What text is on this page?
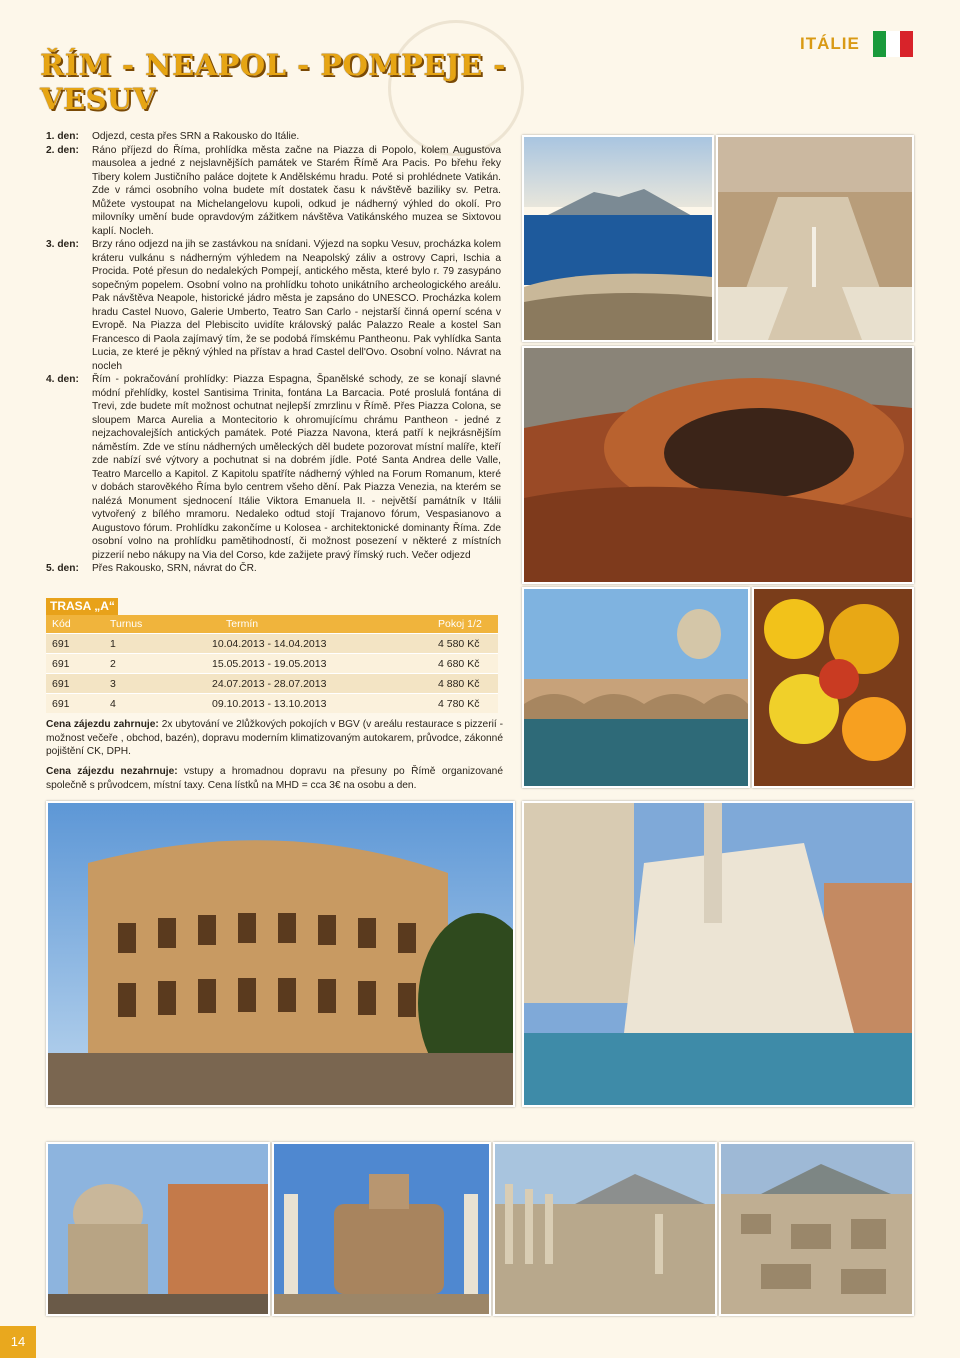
ŘÍM - NEAPOL - POMPEJE - VESUV
ITÁLIE
1. den:	Odjezd, cesta přes SRN a Rakousko do Itálie.
2. den:	Ráno příjezd do Říma, prohlídka města začne na Piazza di Popolo, kolem Augustova mausolea a jedné z nejslavnějších památek ve Starém Římě Ara Pacis. Po břehu řeky Tibery kolem Justičního paláce dojtete k Andělskému hradu. Poté si prohlédnete Vatikán. Zde v rámci osobního volna budete mít dostatek času k návštěvě baziliky sv. Petra. Můžete vystoupat na Michelangelovu kupoli, odkud je nádherný výhled do okolí. Pro milovníky umění bude opravdovým zážitkem návštěva Vatikánského muzea se Sixtovou kaplí. Nocleh.
3. den:	Brzy ráno odjezd na jih se zastávkou na snídani. Výjezd na sopku Vesuv, procházka kolem kráteru vulkánu s nádherným výhledem na Neapolský záliv a ostrovy Capri, Ischia a Procida. Poté přesun do nedalekých Pompejí, antického města, které bylo r. 79 zasypáno sopečným popelem. Osobní volno na prohlídku tohoto unikátního archeologického areálu. Pak návštěva Neapole, historické jádro města je zapsáno do UNESCO. Procházka kolem hradu Castel Nuovo, Galerie Umberto, Teatro San Carlo - nejstarší činná operní scéna v Evropě. Na Piazza del Plebiscito uvidíte královský palác Palazzo Reale a kostel San Francesco di Paola zajímavý tím, že se podobá římskému Pantheonu. Pak vyhlídka Santa Lucia, ze které je pěkný výhled na přístav a hrad Castel dell'Ovo. Osobní volno. Návrat na nocleh
4. den:	Řím - pokračování prohlídky: Piazza Espagna, Španělské schody, ze se konají slavné módní přehlídky, kostel Santisima Trinita, fontána La Barcacia. Poté proslulá fontána di Trevi, zde budete mít možnost ochutnat nejlepší zmrzlinu v Římě. Přes Piazza Colona, se sloupem Marca Aurelia a Montecitorio k ohromujícímu chrámu Pantheon - jedné z nejzachovalejších antických památek. Poté Piazza Navona, která patří k nejkrásnějším náměstím. Zde ve stínu nádherných uměleckých děl budete pozorovat místní malíře, kteří zde nabízí své výtvory a pochutnat si na dobrém jídle. Poté Santa Andrea delle Valle, Teatro Marcello a Kapitol. Z Kapitolu spatříte nádherný výhled na Forum Romanum, které v dobách starověkého Říma bylo centrem všeho dění. Pak Piazza Venezia, na kterém se nalézá Monument sjednocení Itálie Viktora Emanuela II. - největší památník v Itálii vytvořený z bílého mramoru. Nedaleko odtud stojí Trajanovo fórum, Vespasianovo a Augustovo fórum. Prohlídku zakončíme u Kolosea - architektonické dominanty Říma. Zde osobní volno na prohlídku pamětihodností, či možnost posezení v některé z místních pizzerií nebo nákupy na Via del Corso, kde zažijete pravý římský ruch. Večer odjezd
5. den:	Přes Rakousko, SRN, návrat do ČR.
TRASA „A“
Kód	Turnus	Termín	Pokoj 1/2
691	1	10.04.2013 - 14.04.2013	4 580 Kč
691	2	15.05.2013 - 19.05.2013	4 680 Kč
691	3	24.07.2013 - 28.07.2013	4 880 Kč
691	4	09.10.2013 - 13.10.2013	4 780 Kč
Cena zájezdu zahrnuje: 2x ubytování ve 2lůžkových pokojích v BGV (v areálu restaurace s pizzerií - možnost večeře , obchod, bazén), dopravu moderním klimatizovaným autokarem, průvodce, zákonné pojištění CK, DPH.
Cena zájezdu nezahrnuje: vstupy a hromadnou dopravu na přesuny po Římě organizované společně s průvodcem, místní taxy. Cena lístků na MHD = cca 3€ na osobu a den.
14
